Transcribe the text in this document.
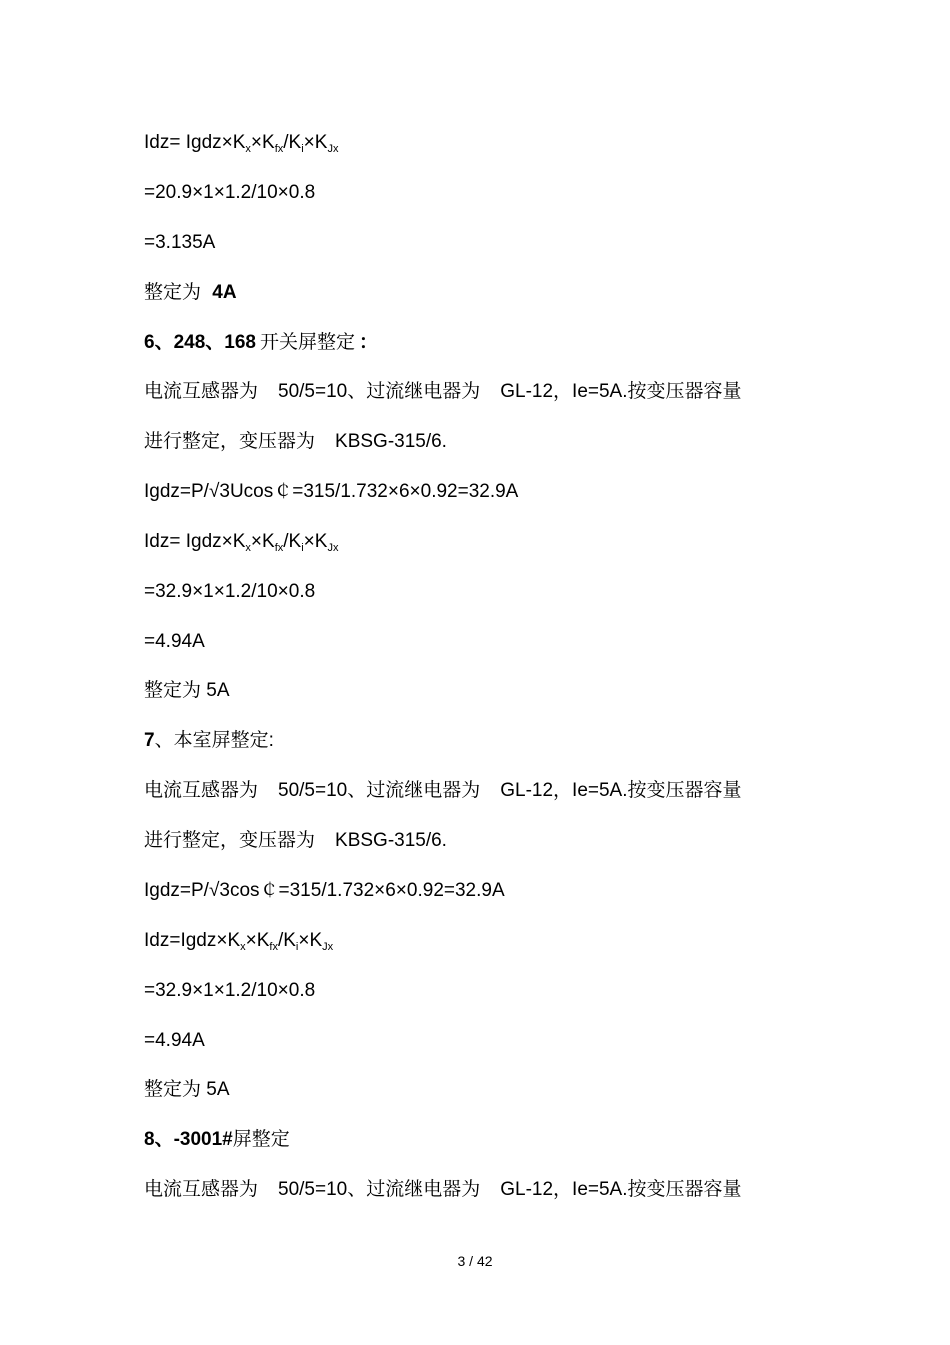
$Idz= Igdz\times K_x\times K_{fx}/K_i\times K_{Jx}$
=20.9×1×1.2/10×0.8
=3.135A
整定为 4A
6、248、168 开关屏整定 ：
电流互感器为 50/5=10、过流继电器为 GL-12，Ie=5A.按变压器容量
进行整定，变压器为 KBSG-315/6.
Igdz=P/√3Ucos￠=315/1.732×6×0.92=32.9A
$Idz= Igdz\times K_x\times K_{fx}/K_i\times K_{Jx}$
=32.9×1×1.2/10×0.8
=4.94A
整定为 5A
7、本室屏整定:
电流互感器为 50/5=10、过流继电器为 GL-12，Ie=5A.按变压器容量
进行整定，变压器为 KBSG-315/6.
Igdz=P/√3cos￠=315/1.732×6×0.92=32.9A
$Idz=Igdz\times K_x\times K_{fx}/K_i\times K_{Jx}$
=32.9×1×1.2/10×0.8
=4.94A
整定为 5A
8、-3001#屏整定
电流互感器为 50/5=10、过流继电器为 GL-12，Ie=5A.按变压器容量
3 / 42
